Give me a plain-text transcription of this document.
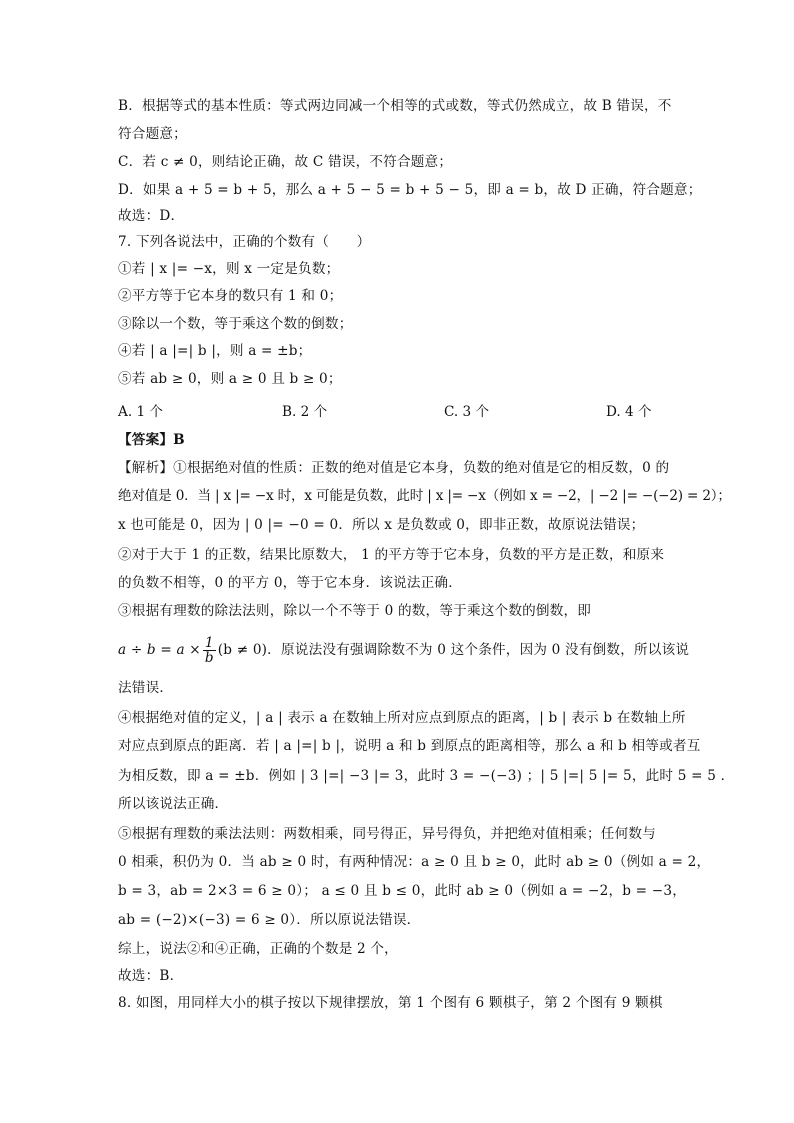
B．根据等式的基本性质：等式两边同减一个相等的式或数，等式仍然成立，故 B 错误，不
符合题意；
C．若 c ≠ 0，则结论正确，故 C 错误，不符合题意；
D．如果 a + 5 = b + 5，那么 a + 5 − 5 = b + 5 − 5，即 a = b，故 D 正确，符合题意；
故选：D．
7. 下列各说法中，正确的个数有（　　）
①若 | x |= −x，则 x 一定是负数；
②平方等于它本身的数只有 1 和 0；
③除以一个数，等于乘这个数的倒数；
④若 | a |=| b |，则 a = ±b；
⑤若 ab ≥ 0，则 a ≥ 0 且 b ≥ 0；
A. 1 个	B. 2 个	C. 3 个	D. 4 个
【答案】B
【解析】①根据绝对值的性质：正数的绝对值是它本身，负数的绝对值是它的相反数，0 的
绝对值是 0．当 | x |= −x 时，x 可能是负数，此时 | x |= −x（例如 x = −2，| −2 |= −(−2) = 2）；
x 也可能是 0，因为 | 0 |= −0 = 0．所以 x 是负数或 0，即非正数，故原说法错误；
②对于大于 1 的正数，结果比原数大， 1 的平方等于它本身，负数的平方是正数，和原来
的负数不相等，0 的平方 0，等于它本身．该说法正确．
③根据有理数的除法法则，除以一个不等于 0 的数，等于乘这个数的倒数，即
$a \div b = a \times \frac{1}{b} (b \ne 0)$．原说法没有强调除数不为 0 这个条件，因为 0 没有倒数，所以该说
法错误．
④根据绝对值的定义，| a | 表示 a 在数轴上所对应点到原点的距离，| b | 表示 b 在数轴上所
对应点到原点的距离．若 | a |=| b |，说明 a 和 b 到原点的距离相等，那么 a 和 b 相等或者互
为相反数，即 a = ±b．例如 | 3 |=| −3 |= 3，此时 3 = −(−3) ；| 5 |=| 5 |= 5，此时 5 = 5 ．
所以该说法正确．
⑤根据有理数的乘法法则：两数相乘，同号得正，异号得负，并把绝对值相乘；任何数与
0 相乘，积仍为 0．当 ab ≥ 0 时，有两种情况：a ≥ 0 且 b ≥ 0，此时 ab ≥ 0（例如 a = 2，
b = 3，ab = 2×3 = 6 ≥ 0）； a ≤ 0 且 b ≤ 0，此时 ab ≥ 0（例如 a = −2，b = −3，
ab = (−2)×(−3) = 6 ≥ 0）．所以原说法错误．
综上，说法②和④正确，正确的个数是 2 个，
故选：B．
8. 如图，用同样大小的棋子按以下规律摆放，第 1 个图有 6 颗棋子，第 2 个图有 9 颗棋
